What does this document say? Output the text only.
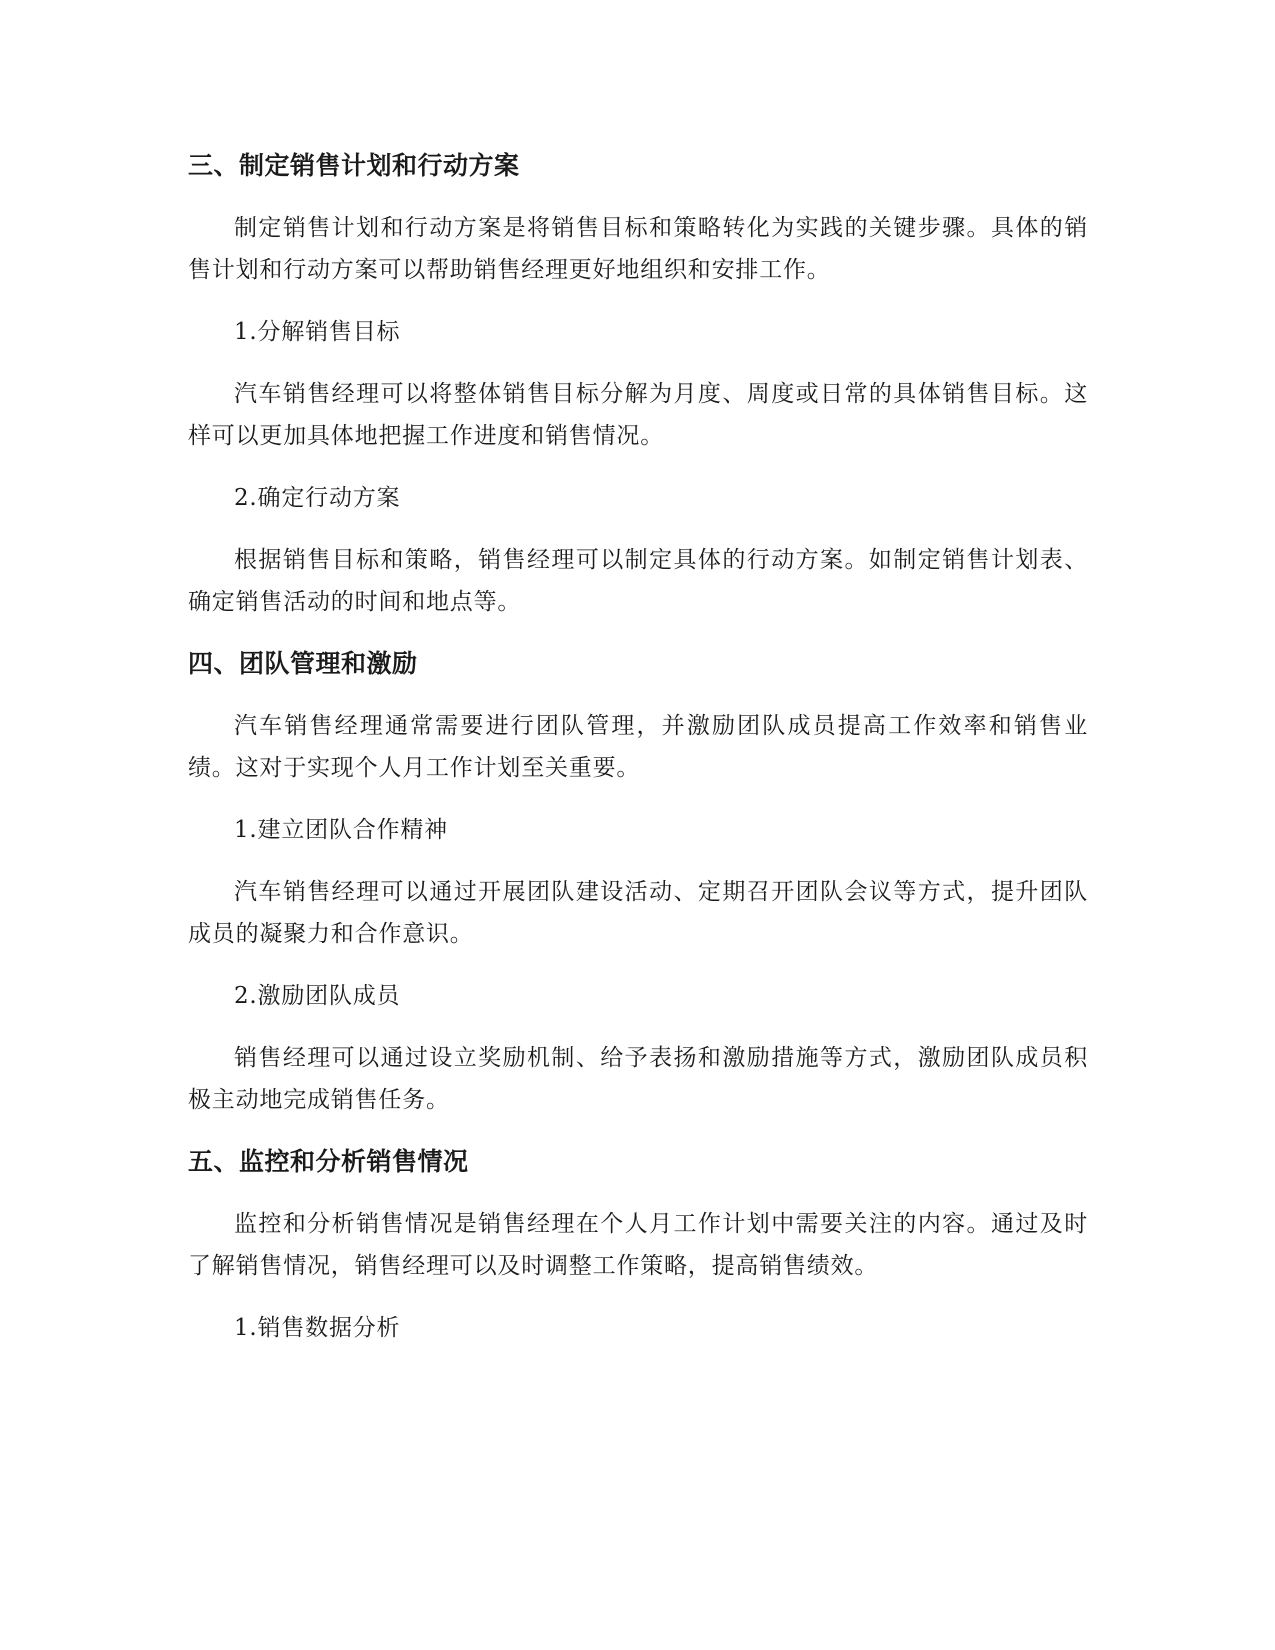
三、制定销售计划和行动方案

制定销售计划和行动方案是将销售目标和策略转化为实践的关键步骤。具体的销售计划和行动方案可以帮助销售经理更好地组织和安排工作。

1.分解销售目标

汽车销售经理可以将整体销售目标分解为月度、周度或日常的具体销售目标。这样可以更加具体地把握工作进度和销售情况。

2.确定行动方案

根据销售目标和策略，销售经理可以制定具体的行动方案。如制定销售计划表、确定销售活动的时间和地点等。

四、团队管理和激励

汽车销售经理通常需要进行团队管理，并激励团队成员提高工作效率和销售业绩。这对于实现个人月工作计划至关重要。

1.建立团队合作精神

汽车销售经理可以通过开展团队建设活动、定期召开团队会议等方式，提升团队成员的凝聚力和合作意识。

2.激励团队成员

销售经理可以通过设立奖励机制、给予表扬和激励措施等方式，激励团队成员积极主动地完成销售任务。

五、监控和分析销售情况

监控和分析销售情况是销售经理在个人月工作计划中需要关注的内容。通过及时了解销售情况，销售经理可以及时调整工作策略，提高销售绩效。

1.销售数据分析
